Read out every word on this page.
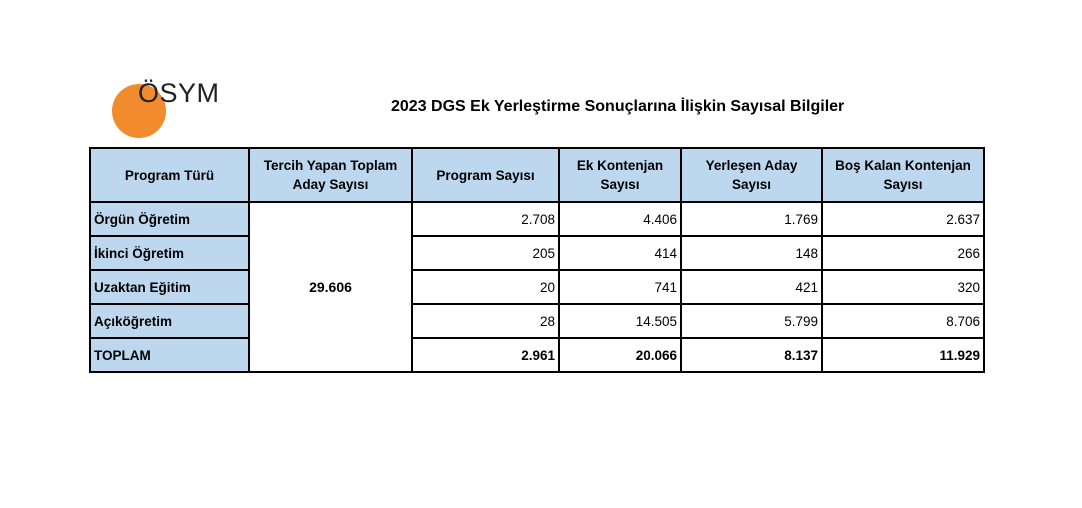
ÖSYM	2023 DGS Ek Yerleştirme Sonuçlarına İlişkin Sayısal Bilgiler
Program Türü	Tercih Yapan Toplam Aday Sayısı	Program Sayısı	Ek Kontenjan Sayısı	Yerleşen Aday Sayısı	Boş Kalan Kontenjan Sayısı
Örgün Öğretim	29.606	2.708	4.406	1.769	2.637
İkinci Öğretim		205	414	148	266
Uzaktan Eğitim		20	741	421	320
Açıköğretim		28	14.505	5.799	8.706
TOPLAM		2.961	20.066	8.137	11.929
